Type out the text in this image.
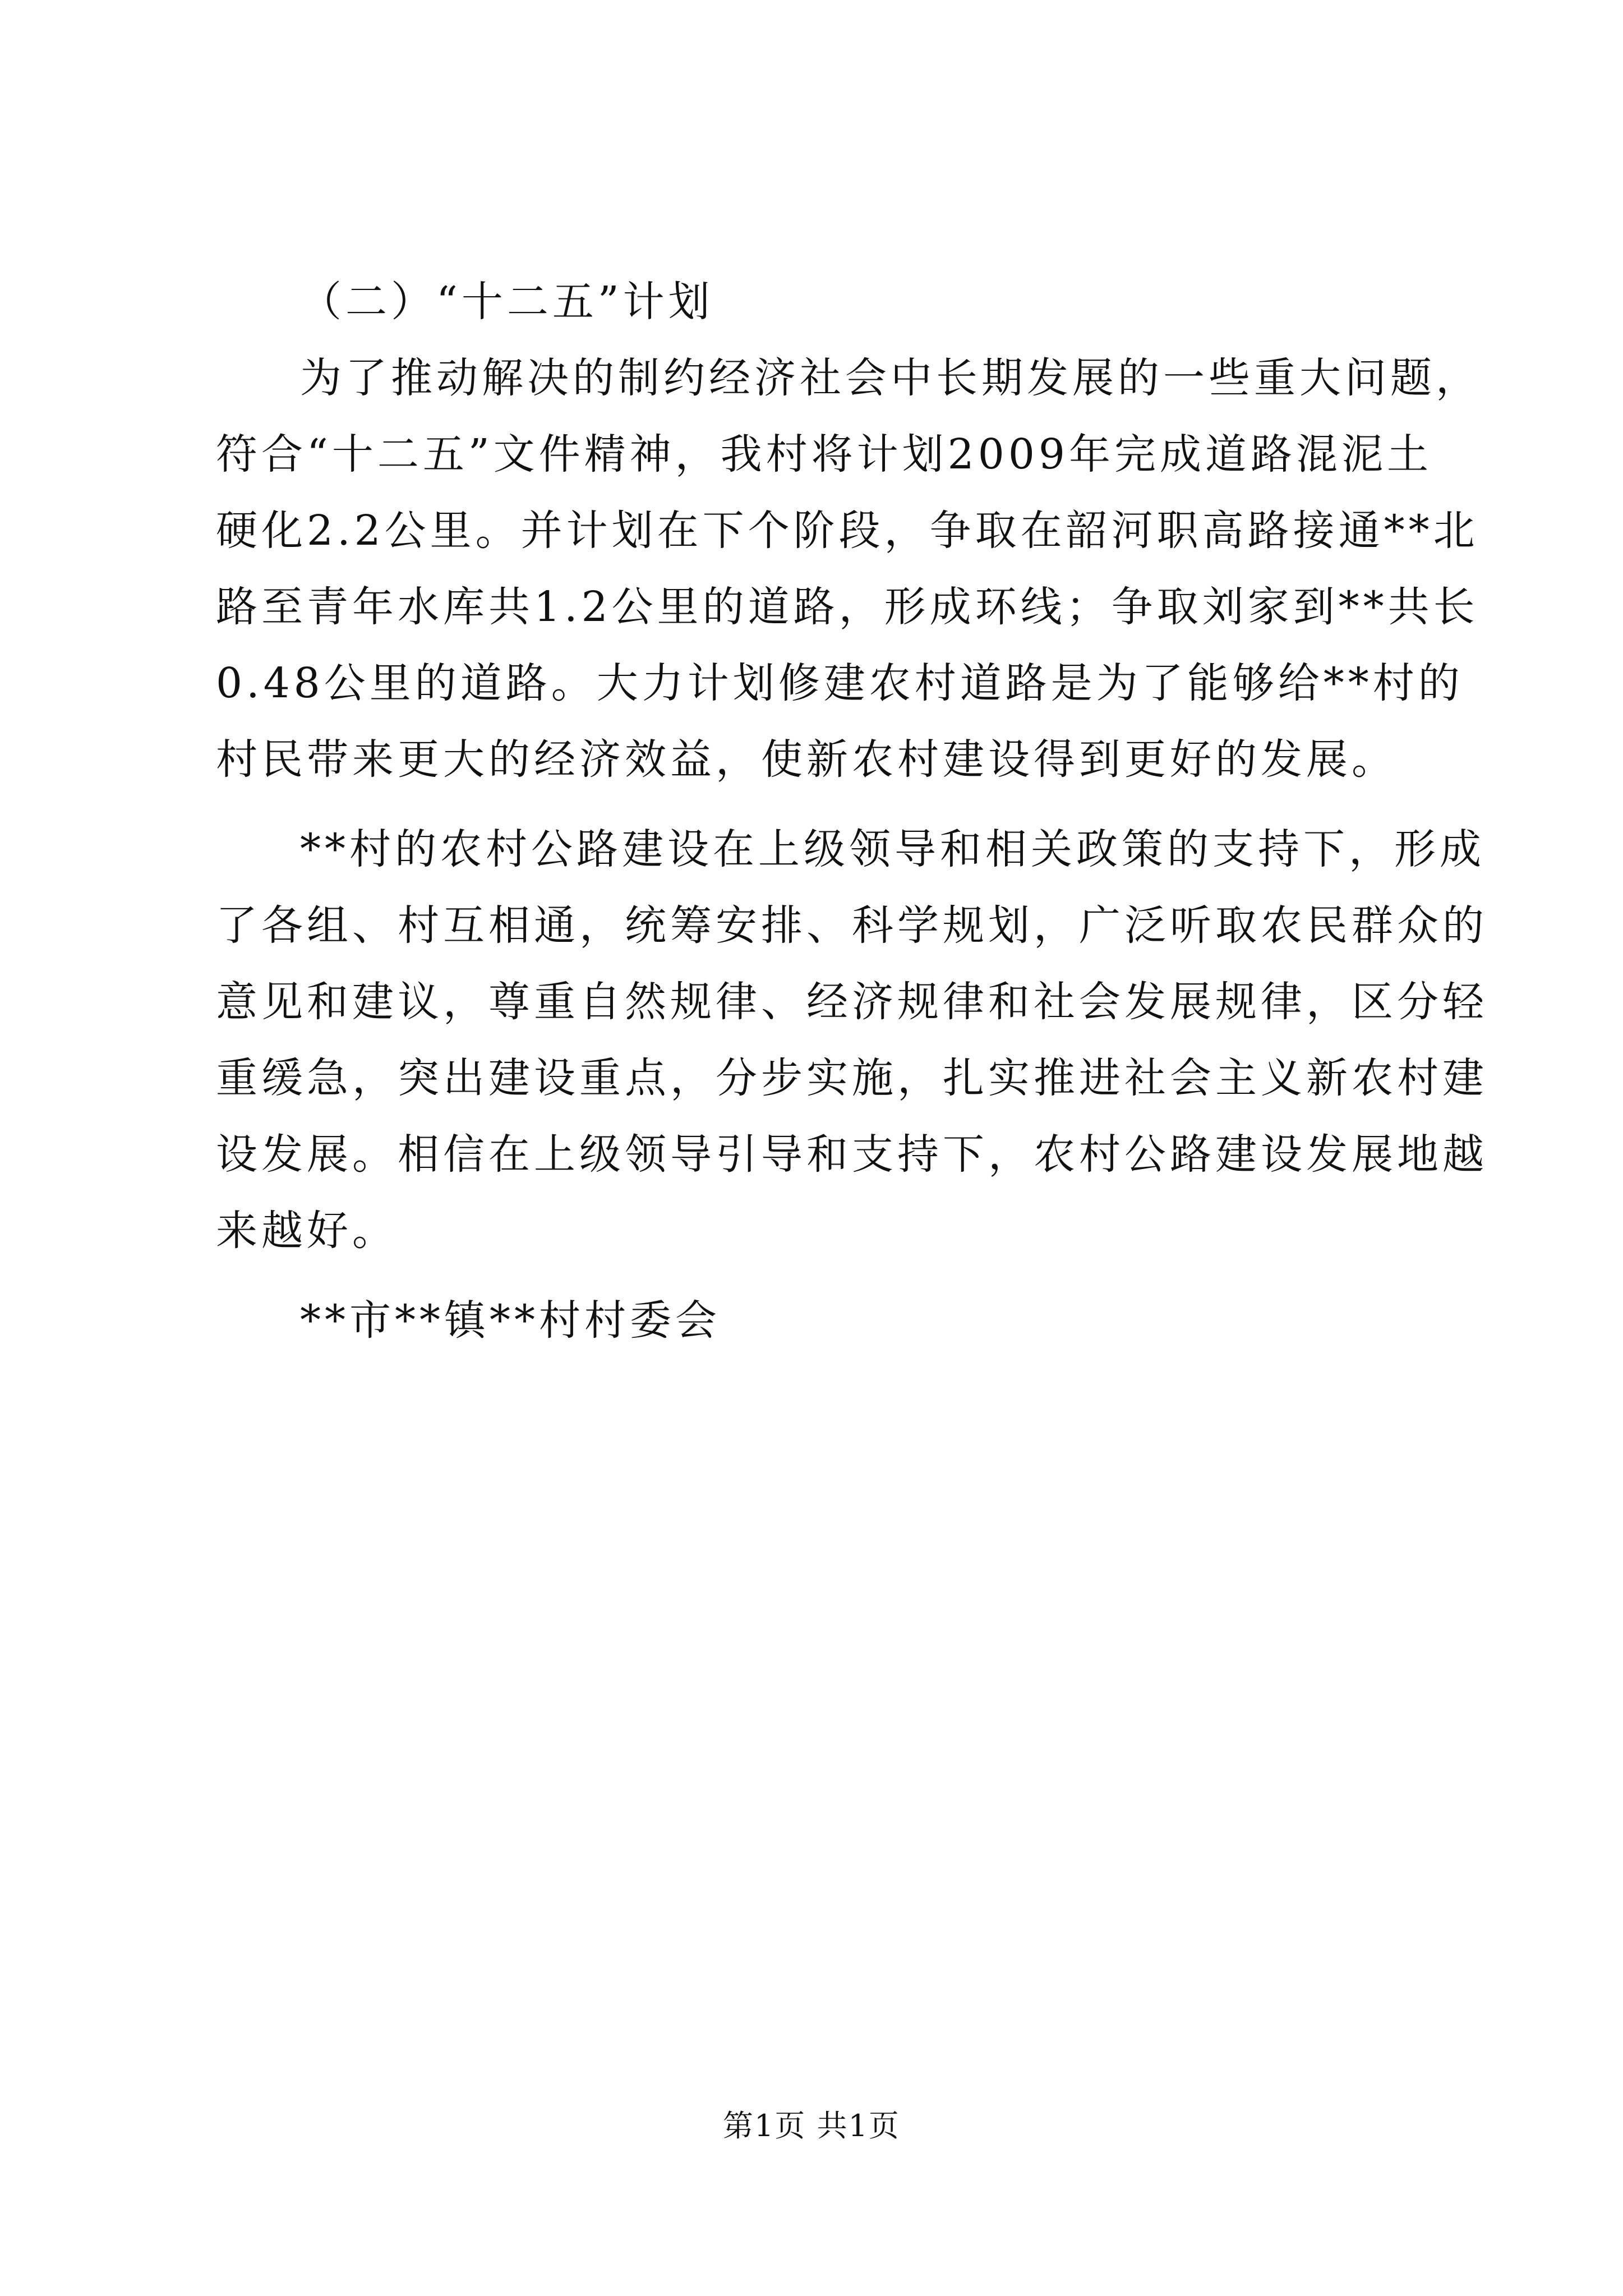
（二）“十二五”计划
为了推动解决的制约经济社会中长期发展的一些重大问题，
符合“十二五”文件精神，我村将计划2009年完成道路混泥土
硬化2.2公里。并计划在下个阶段，争取在韶河职高路接通**北
路至青年水库共1.2公里的道路，形成环线；争取刘家到**共长
0.48公里的道路。大力计划修建农村道路是为了能够给**村的
村民带来更大的经济效益，使新农村建设得到更好的发展。
**村的农村公路建设在上级领导和相关政策的支持下，形成
了各组、村互相通，统筹安排、科学规划，广泛听取农民群众的
意见和建议，尊重自然规律、经济规律和社会发展规律，区分轻
重缓急，突出建设重点，分步实施，扎实推进社会主义新农村建
设发展。相信在上级领导引导和支持下，农村公路建设发展地越
来越好。
**市**镇**村村委会
第1页 共1页
